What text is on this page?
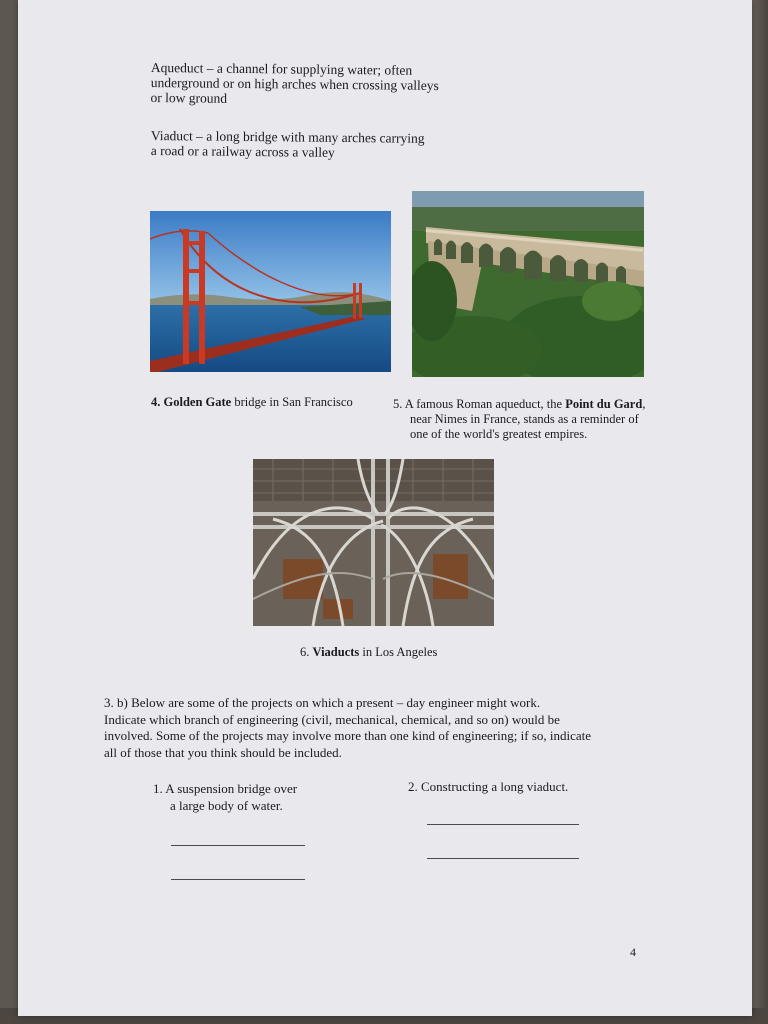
Aqueduct – a channel for supplying water; often

underground or on high arches when crossing valleys

or low ground

Viaduct – a long bridge with many arches carrying

a road or a railway across a valley

4. Golden Gate bridge in San Francisco	5. A famous Roman aqueduct, the Point du Gard,
near Nimes in France, stands as a reminder of
one of the world's greatest empires.
6. Viaducts in Los Angeles
3. b) Below are some of the projects on which a present – day engineer might work.
Indicate which branch of engineering (civil, mechanical, chemical, and so on) would be
involved. Some of the projects may involve more than one kind of engineering; if so, indicate
all of those that you think should be included.
1. A suspension bridge over
a large body of water.
2. Constructing a long viaduct.
4
